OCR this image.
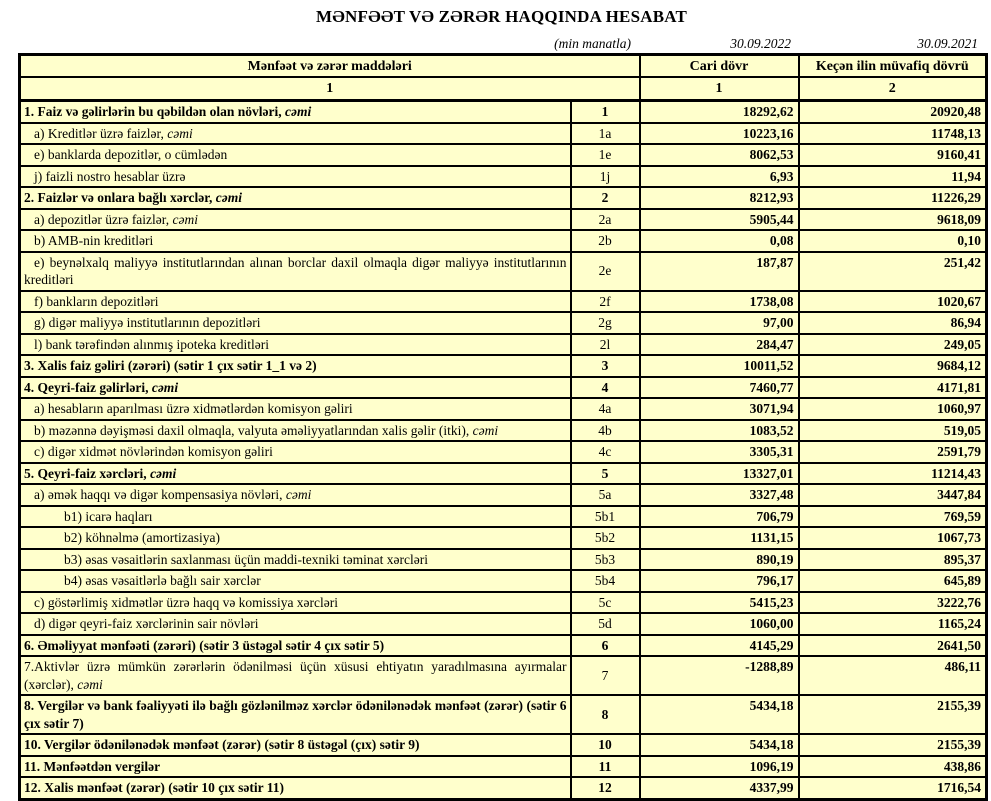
MƏNFƏƏT VƏ ZƏRƏR HAQQINDA HESABAT
(min manatla)	30.09.2022	30.09.2021
Mənfəət və zərər maddələri		Cari dövr	Keçən ilin müvafiq dövrü
1		1	2
1. Faiz və gəlirlərin bu qəbildən olan növləri, cəmi	1	18292,62	20920,48
a) Kreditlər üzrə faizlər, cəmi	1a	10223,16	11748,13
e) banklarda depozitlər, o cümlədən	1e	8062,53	9160,41
j) faizli nostro hesablar üzrə	1j	6,93	11,94
2. Faizlər və onlara bağlı xərclər, cəmi	2	8212,93	11226,29
a) depozitlər üzrə faizlər, cəmi	2a	5905,44	9618,09
b) AMB-nin kreditləri	2b	0,08	0,10
e) beynəlxalq maliyyə institutlarından alınan borclar daxil olmaqla digər maliyyə institutlarının kreditləri	2e	187,87	251,42
f) bankların depozitləri	2f	1738,08	1020,67
g) digər maliyyə institutlarının depozitləri	2g	97,00	86,94
l) bank tərəfindən alınmış ipoteka kreditləri	2l	284,47	249,05
3. Xalis faiz gəliri (zərəri) (sətir 1 çıx sətir 1_1 və 2)	3	10011,52	9684,12
4. Qeyri-faiz gəlirləri, cəmi	4	7460,77	4171,81
a) hesabların aparılması üzrə xidmətlərdən komisyon gəliri	4a	3071,94	1060,97
b) məzənnə dəyişməsi daxil olmaqla, valyuta əməliyyatlarından xalis gəlir (itki), cəmi	4b	1083,52	519,05
c) digər xidmət növlərindən komisyon gəliri	4c	3305,31	2591,79
5. Qeyri-faiz xərcləri, cəmi	5	13327,01	11214,43
a) əmək haqqı və digər kompensasiya növləri, cəmi	5a	3327,48	3447,84
b1) icarə haqları	5b1	706,79	769,59
b2) köhnəlmə (amortizasiya)	5b2	1131,15	1067,73
b3) əsas vəsaitlərin saxlanması üçün maddi-texniki təminat xərcləri	5b3	890,19	895,37
b4) əsas vəsaitlərlə bağlı sair xərclər	5b4	796,17	645,89
c) göstərlimiş xidmətlər üzrə haqq və komissiya xərcləri	5c	5415,23	3222,76
d) digər qeyri-faiz xərclərinin sair növləri	5d	1060,00	1165,24
6. Əməliyyat mənfəəti (zərəri) (sətir 3 üstəgəl sətir 4 çıx sətir 5)	6	4145,29	2641,50
7.Aktivlər üzrə mümkün zərərlərin ödənilməsi üçün xüsusi ehtiyatın yaradılmasına ayırmalar (xərclər), cəmi	7	-1288,89	486,11
8. Vergilər və bank fəaliyyəti ilə bağlı gözlənilməz xərclər ödənilənədək mənfəət (zərər) (sətir 6 çıx sətir 7)	8	5434,18	2155,39
10. Vergilər ödənilənədək mənfəət (zərər) (sətir 8 üstəgəl (çıx) sətir 9)	10	5434,18	2155,39
11. Mənfəətdən vergilər	11	1096,19	438,86
12. Xalis mənfəət (zərər) (sətir 10 çıx sətir 11)	12	4337,99	1716,54
